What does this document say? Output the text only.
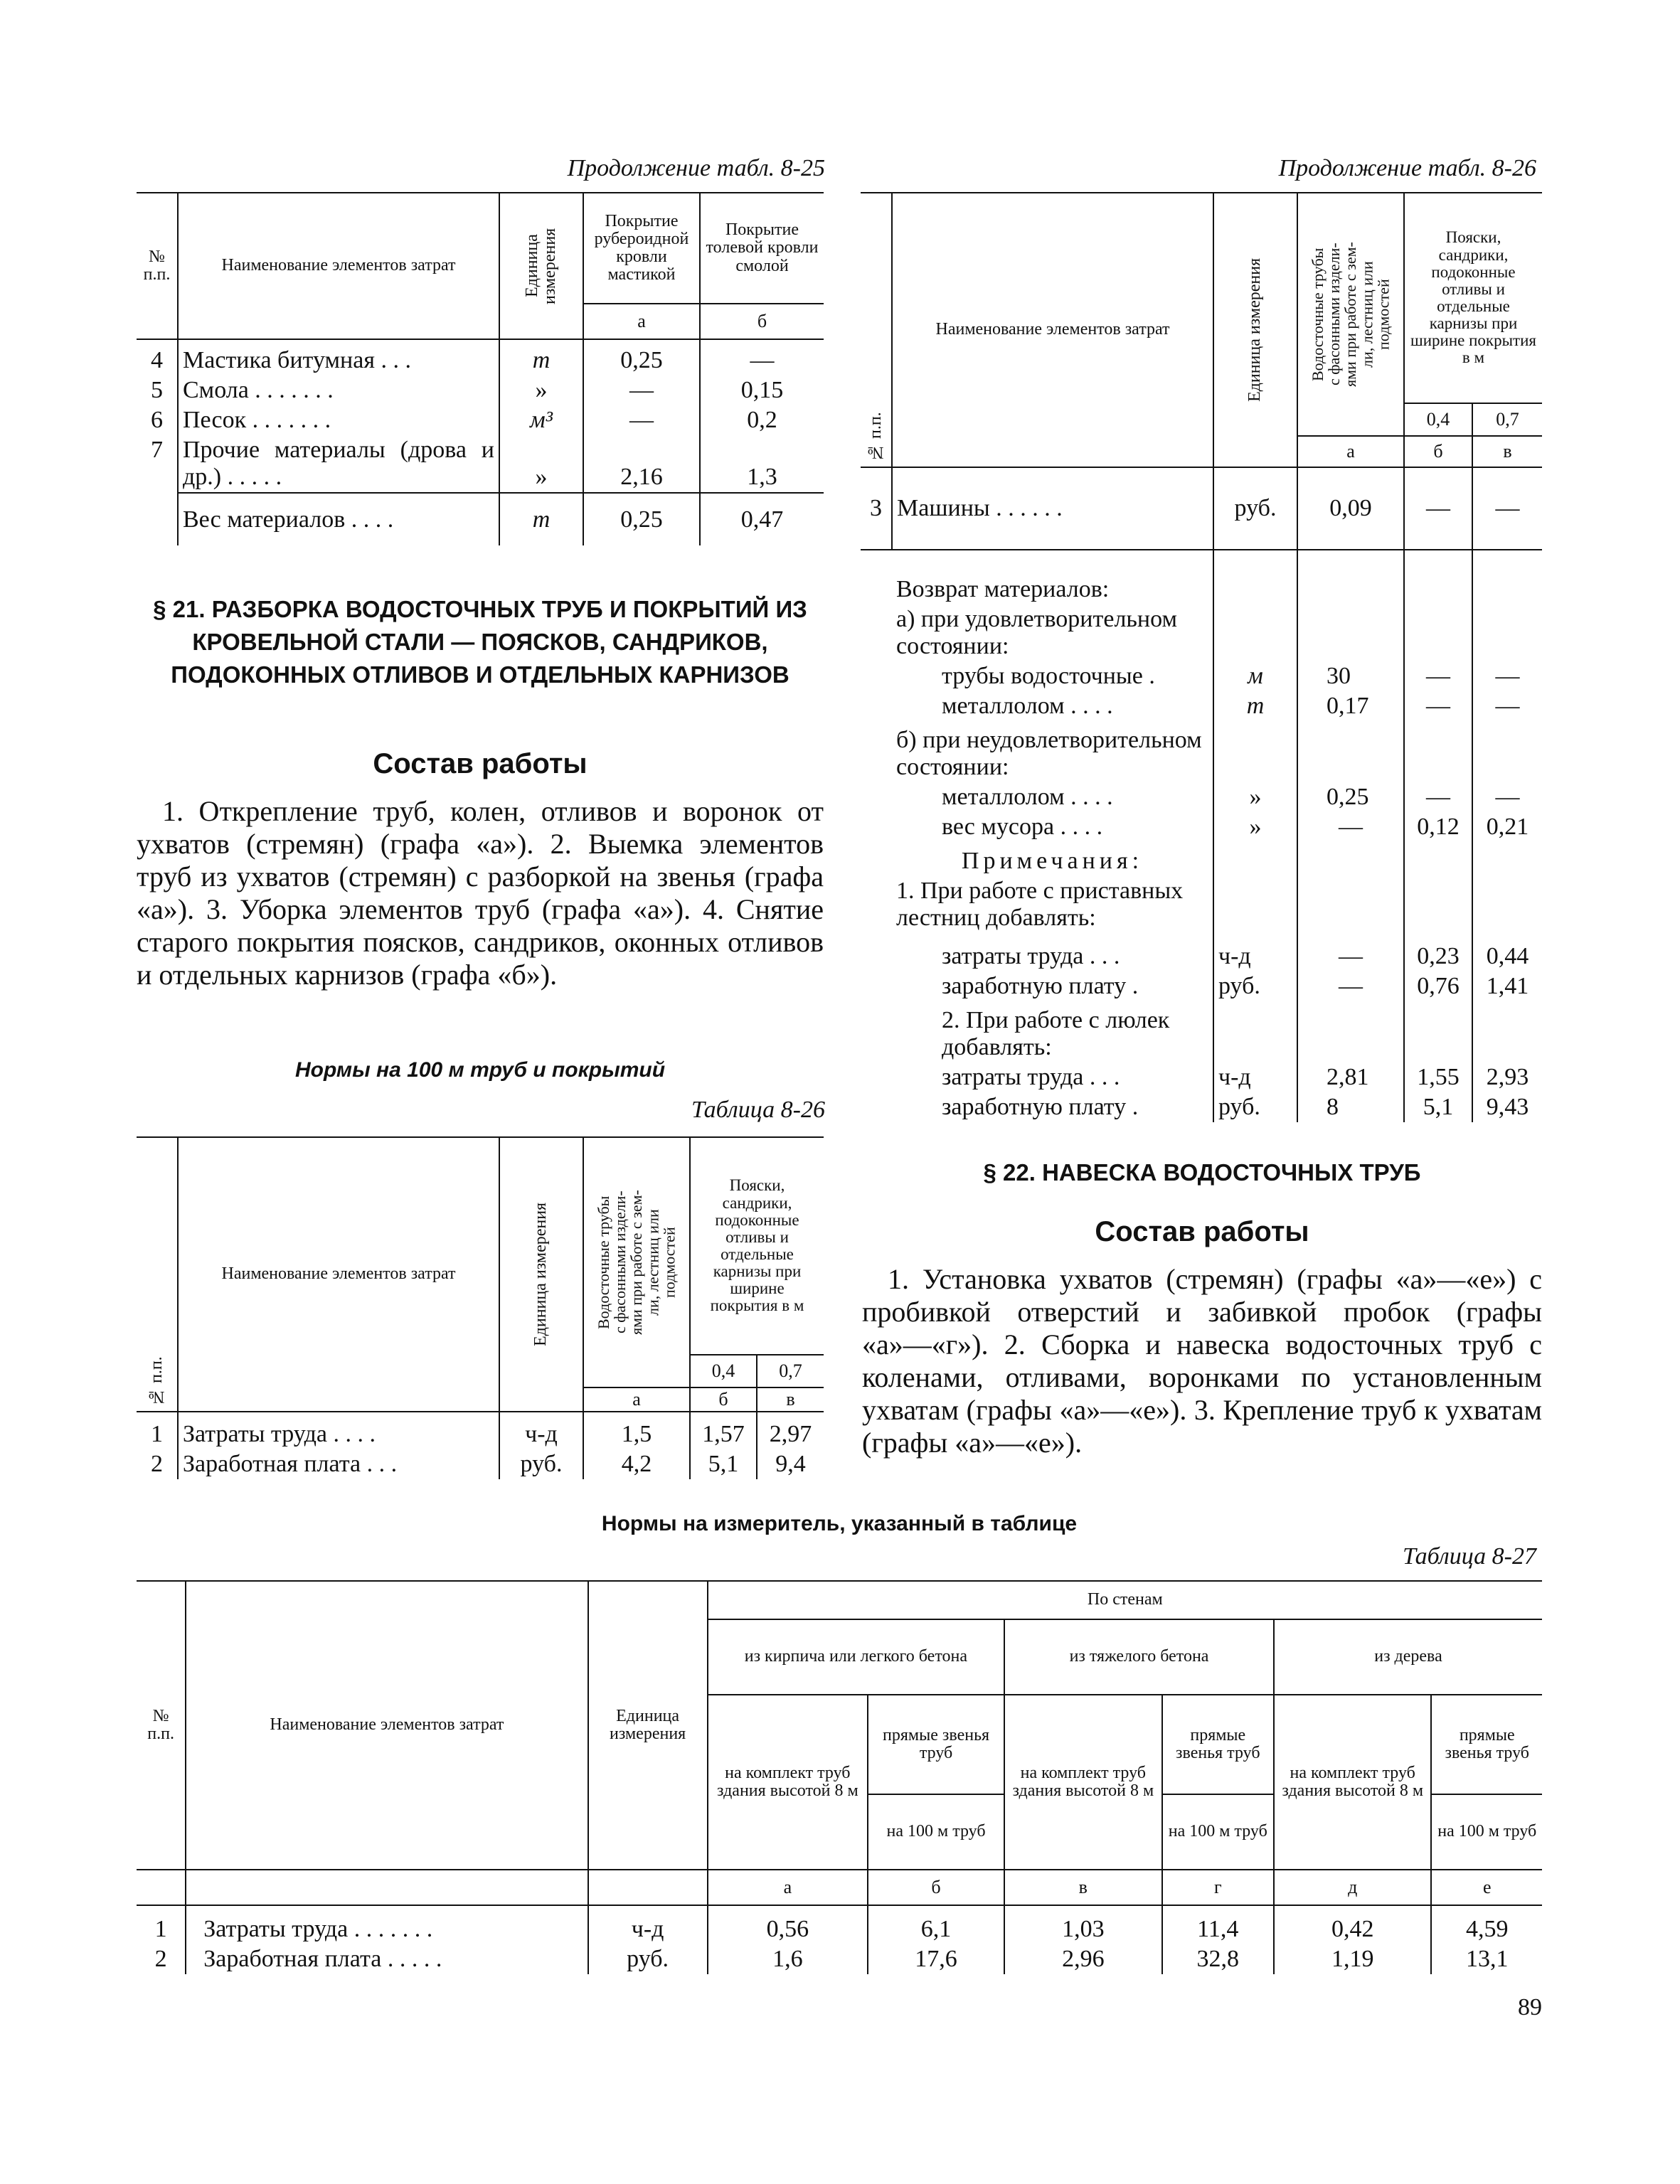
Продолжение табл. 8-25
№ п.п.	Наименование элементов затрат	Единица измерения	Покрытие рубероидной кровли мастикой	Покрытие толевой кровли смолой
			а	б
4	Мастика битумная . . .	т	0,25	—
5	Смола . . . . . . .	»	—	0,15
6	Песок . . . . . . .	м³	—	0,2
7	Прочие материалы (дрова и др.) . . . . .	»	2,16	1,3
	Вес материалов . . . .	т	0,25	0,47
§ 21. РАЗБОРКА ВОДОСТОЧНЫХ ТРУБ И ПОКРЫТИЙ ИЗ КРОВЕЛЬНОЙ СТАЛИ — ПОЯСКОВ, САНДРИКОВ, ПОДОКОННЫХ ОТЛИВОВ И ОТДЕЛЬНЫХ КАРНИЗОВ
Состав работы
1. Открепление труб, колен, отливов и воронок от ухватов (стремян) (графа «а»). 2. Выемка элементов труб из ухватов (стремян) с разборкой на звенья (графа «а»). 3. Уборка элементов труб (графа «а»). 4. Снятие старого покрытия поясков, сандриков, оконных отливов и отдельных карнизов (графа «б»).
Нормы на 100 м труб и покрытий
Таблица 8-26
№ п.п.	Наименование элементов затрат	Единица измерения	Водосточные трубы
с фасонными издели-
ями при работе с зем-
ли, лестниц или
подмостей	Пояски, сандрики, подоконные отливы и отдельные карнизы при ширине покрытия в м	
				0,4	0,7
			а	б	в
1	Затраты труда . . . .	ч-д	1,5	1,57	2,97
2	Заработная плата . . .	руб.	4,2	5,1	9,4
Продолжение табл. 8-26
№ п.п.	Наименование элементов затрат	Единица измерения	Водосточные трубы
с фасонными издели-
ями при работе с зем-
ли, лестниц или
подмостей	Пояски, сандрики, подоконные отливы и отдельные карнизы при ширине покрытия в м	
				0,4	0,7
			а	б	в
3	Машины . . . . . .	руб.	0,09	—	—
	Возврат материалов:				
	а) при удовлетворительном состоянии:				
	трубы водосточные .	м	30	—	—
	металлолом . . . .	т	0,17	—	—
	б) при неудовлетворительном состоянии:				
	металлолом . . . .	»	0,25	—	—
	вес мусора . . . .	»	—	0,12	0,21
	Примечания:				
	1. При работе с приставных лестниц добавлять:				
	затраты труда . . .	ч-д	—	0,23	0,44
	заработную плату .	руб.	—	0,76	1,41
	2. При работе с люлек добавлять:				
	затраты труда . . .	ч-д	2,81	1,55	2,93
	заработную плату .	руб.	8	5,1	9,43
§ 22. НАВЕСКА ВОДОСТОЧНЫХ ТРУБ
Состав работы
1. Установка ухватов (стремян) (графы «а»—«е») с пробивкой отверстий и забивкой пробок (графы «а»—«г»). 2. Сборка и навеска водосточных труб с коленами, отливами, воронками по установленным ухватам (графы «а»—«е»). 3. Крепление труб к ухватам (графы «а»—«е»).
Нормы на измеритель, указанный в таблице
Таблица 8-27
№ п.п.	Наименование элементов затрат	Единица измерения	По стенам					
			из кирпича или легкого бетона		из тяжелого бетона		из дерева	
			на комплект труб здания высотой 8 м	прямые звенья труб	на комплект труб здания высотой 8 м	прямые звенья труб	на комплект труб здания высотой 8 м	прямые звенья труб
				на 100 м труб		на 100 м труб		на 100 м труб
			а	б	в	г	д	е
1	Затраты труда . . . . . . .	ч-д	0,56	6,1	1,03	11,4	0,42	4,59
2	Заработная плата . . . . .	руб.	1,6	17,6	2,96	32,8	1,19	13,1
89
